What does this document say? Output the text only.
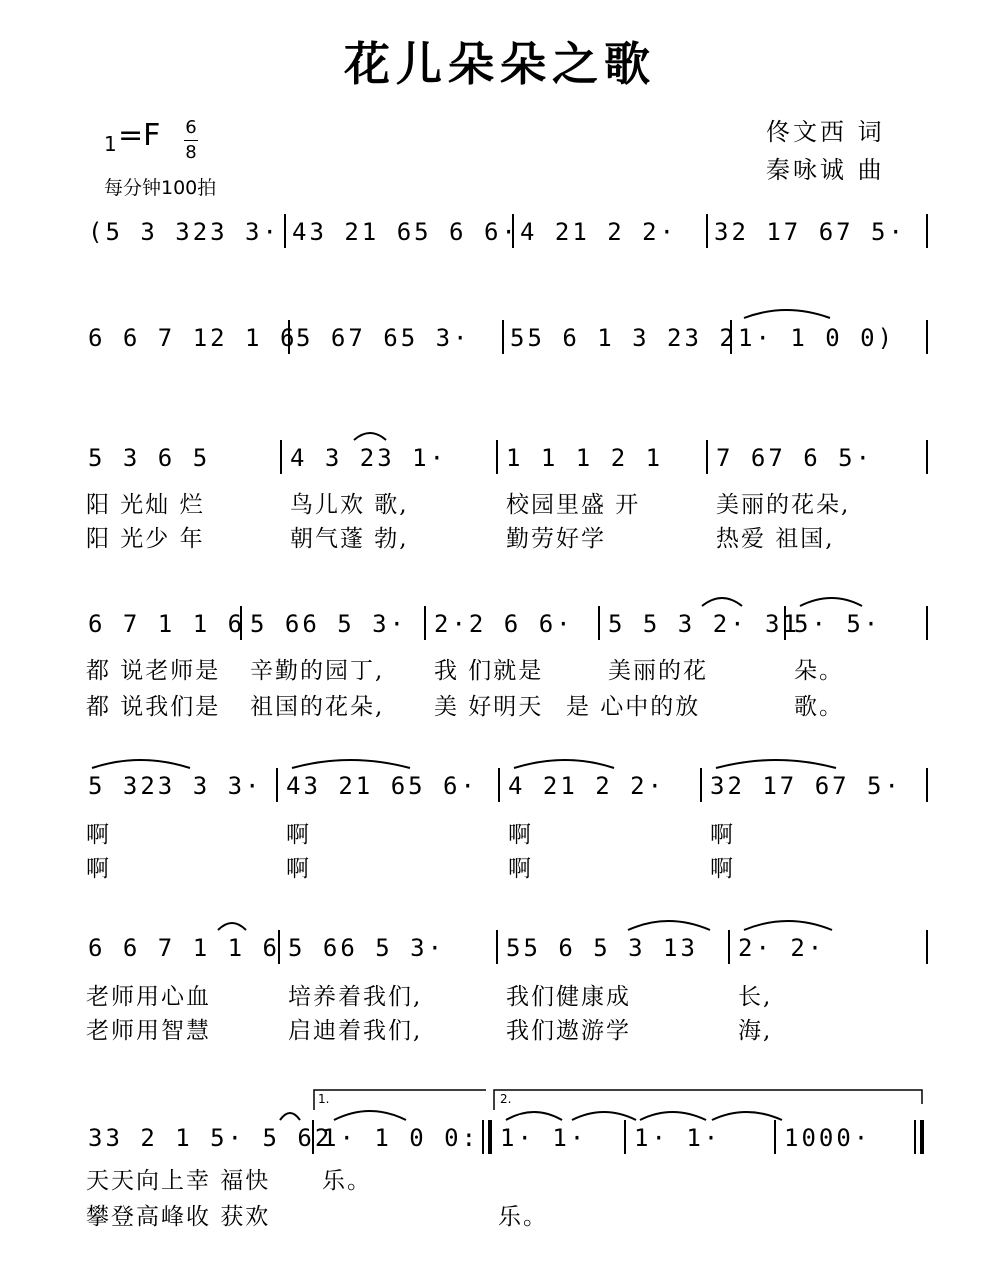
花儿朵朵之歌
佟文西 词
秦咏诚 曲
1 =F 6
8
每分钟100拍
(5 3 323 3· 43 21 65 6 6· 4 21 2 2· 32 17 67 5·
6 6 7 12 1 6
5 67 65 3· 55 6 1 3 23 2 1· 1 0 0)
5 3 6 5	4 3 23 1· 1 1 1 2 1 7 67 6 5·
阳 光灿 烂	鸟儿欢 歌,	校园里盛 开	美丽的花朵,
阳 光少 年	朝气蓬 勃,	勤劳好学	热爱 祖国,
6 7 1 1 6 5 66 5 3· 2·2 6 6· 5 5 3 2· 31
5· 5·
都 说老师是 辛勤的园丁, 我 们就是	美丽的花	朵。
都 说我们是 祖国的花朵, 美 好明天 是 心中的放	歌。
5 323 3 3· 43 21 65 6· 4 21 2 2· 32 17 67 5·
啊	啊	啊	啊
啊	啊	啊	啊
6 6 7 1 1 6 5 66 5 3·	55 6 5 3 13 2· 2·
老师用心血	培养着我们,	我们健康成	长,
老师用智慧	启迪着我们,	我们遨游学	海,
1.	2.
33 2 1 5· 5 62
1· 1 0 0: 1· 1· 1· 1·	1000·
天天向上幸 福快 乐。
攀登高峰收 获欢	乐。
